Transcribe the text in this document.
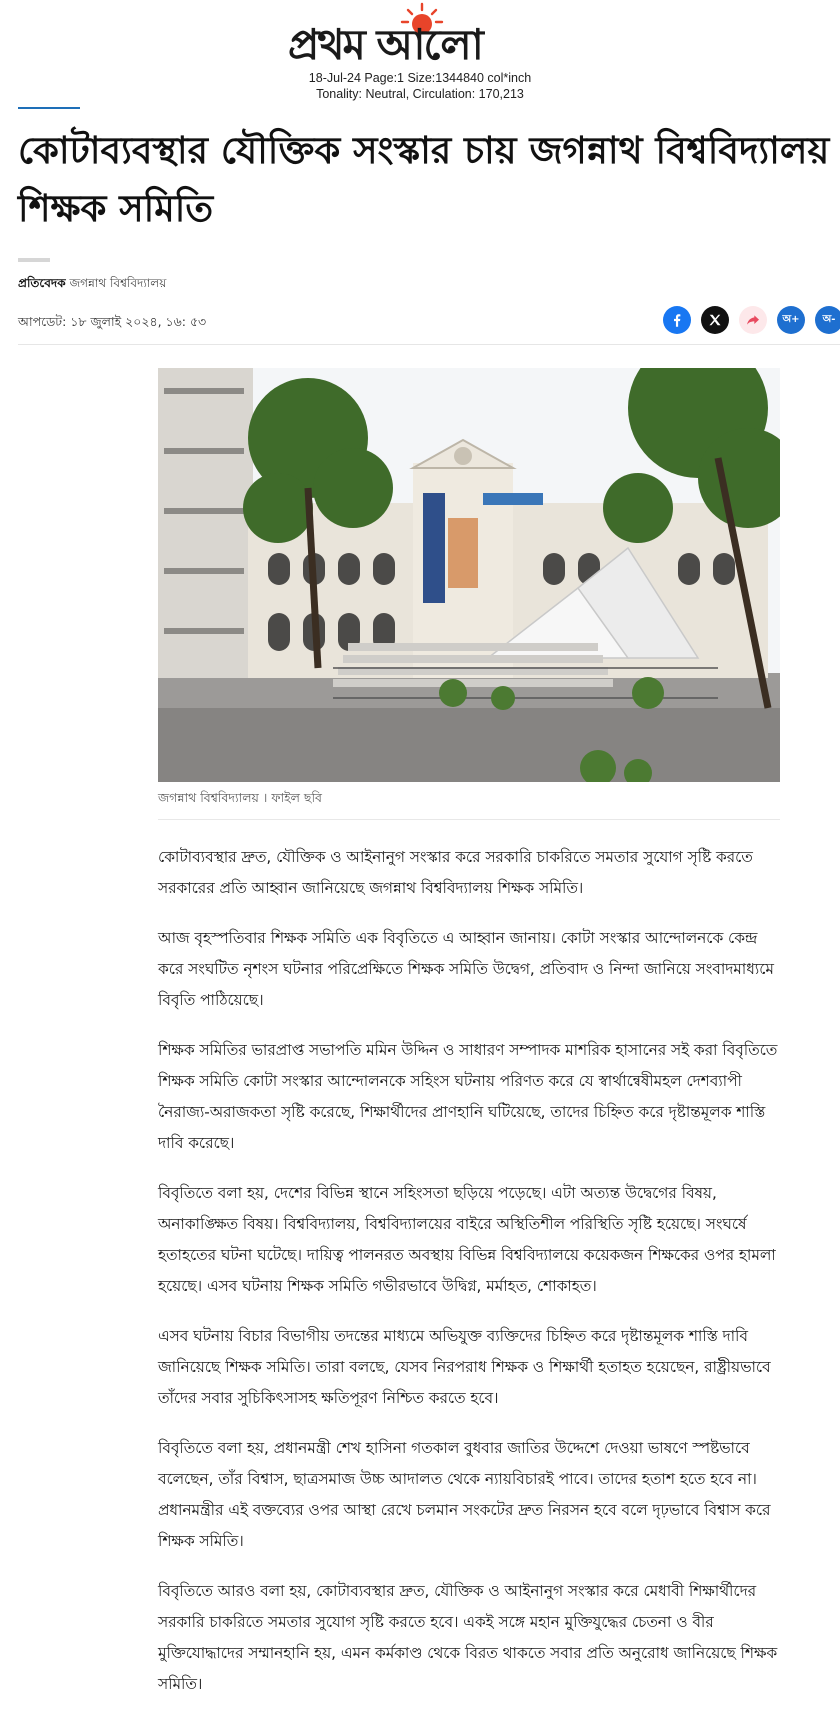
প্রথম আলো
18-Jul-24 Page:1 Size:1344840 col*inch
Tonality: Neutral, Circulation: 170,213
কোটাব্যবস্থার যৌক্তিক সংস্কার চায় জগন্নাথ বিশ্ববিদ্যালয় শিক্ষক সমিতি
প্রতিবেদক জগন্নাথ বিশ্ববিদ্যালয়
আপডেট: ১৮ জুলাই ২০২৪, ১৬: ৫৩	অ+	অ-
জগন্নাথ বিশ্ববিদ্যালয় । ফাইল ছবি

কোটাব্যবস্থার দ্রুত, যৌক্তিক ও আইনানুগ সংস্কার করে সরকারি চাকরিতে সমতার সুযোগ সৃষ্টি করতে সরকারের প্রতি আহ্বান জানিয়েছে জগন্নাথ বিশ্ববিদ্যালয় শিক্ষক সমিতি।

আজ বৃহস্পতিবার শিক্ষক সমিতি এক বিবৃতিতে এ আহ্বান জানায়। কোটা সংস্কার আন্দোলনকে কেন্দ্র করে সংঘটিত নৃশংস ঘটনার পরিপ্রেক্ষিতে শিক্ষক সমিতি উদ্বেগ, প্রতিবাদ ও নিন্দা জানিয়ে সংবাদমাধ্যমে বিবৃতি পাঠিয়েছে।

শিক্ষক সমিতির ভারপ্রাপ্ত সভাপতি মমিন উদ্দিন ও সাধারণ সম্পাদক মাশরিক হাসানের সই করা বিবৃতিতে শিক্ষক সমিতি কোটা সংস্কার আন্দোলনকে সহিংস ঘটনায় পরিণত করে যে স্বার্থান্বেষীমহল দেশব্যাপী নৈরাজ্য-অরাজকতা সৃষ্টি করেছে, শিক্ষার্থীদের প্রাণহানি ঘটিয়েছে, তাদের চিহ্নিত করে দৃষ্টান্তমূলক শাস্তি দাবি করেছে।

বিবৃতিতে বলা হয়, দেশের বিভিন্ন স্থানে সহিংসতা ছড়িয়ে পড়েছে। এটা অত্যন্ত উদ্বেগের বিষয়, অনাকাঙ্ক্ষিত বিষয়। বিশ্ববিদ্যালয়, বিশ্ববিদ্যালয়ের বাইরে অস্থিতিশীল পরিস্থিতি সৃষ্টি হয়েছে। সংঘর্ষে হতাহতের ঘটনা ঘটেছে। দায়িত্ব পালনরত অবস্থায় বিভিন্ন বিশ্ববিদ্যালয়ে কয়েকজন শিক্ষকের ওপর হামলা হয়েছে। এসব ঘটনায় শিক্ষক সমিতি গভীরভাবে উদ্বিগ্ন, মর্মাহত, শোকাহত।

এসব ঘটনায় বিচার বিভাগীয় তদন্তের মাধ্যমে অভিযুক্ত ব্যক্তিদের চিহ্নিত করে দৃষ্টান্তমূলক শাস্তি দাবি জানিয়েছে শিক্ষক সমিতি। তারা বলছে, যেসব নিরপরাধ শিক্ষক ও শিক্ষার্থী হতাহত হয়েছেন, রাষ্ট্রীয়ভাবে তাঁদের সবার সুচিকিৎসাসহ ক্ষতিপূরণ নিশ্চিত করতে হবে।

বিবৃতিতে বলা হয়, প্রধানমন্ত্রী শেখ হাসিনা গতকাল বুধবার জাতির উদ্দেশে দেওয়া ভাষণে স্পষ্টভাবে বলেছেন, তাঁর বিশ্বাস, ছাত্রসমাজ উচ্চ আদালত থেকে ন্যায়বিচারই পাবে। তাদের হতাশ হতে হবে না। প্রধানমন্ত্রীর এই বক্তব্যের ওপর আস্থা রেখে চলমান সংকটের দ্রুত নিরসন হবে বলে দৃঢ়ভাবে বিশ্বাস করে শিক্ষক সমিতি।

বিবৃতিতে আরও বলা হয়, কোটাব্যবস্থার দ্রুত, যৌক্তিক ও আইনানুগ সংস্কার করে মেধাবী শিক্ষার্থীদের সরকারি চাকরিতে সমতার সুযোগ সৃষ্টি করতে হবে। একই সঙ্গে মহান মুক্তিযুদ্ধের চেতনা ও বীর মুক্তিযোদ্ধাদের সম্মানহানি হয়, এমন কর্মকাণ্ড থেকে বিরত থাকতে সবার প্রতি অনুরোধ জানিয়েছে শিক্ষক সমিতি।
